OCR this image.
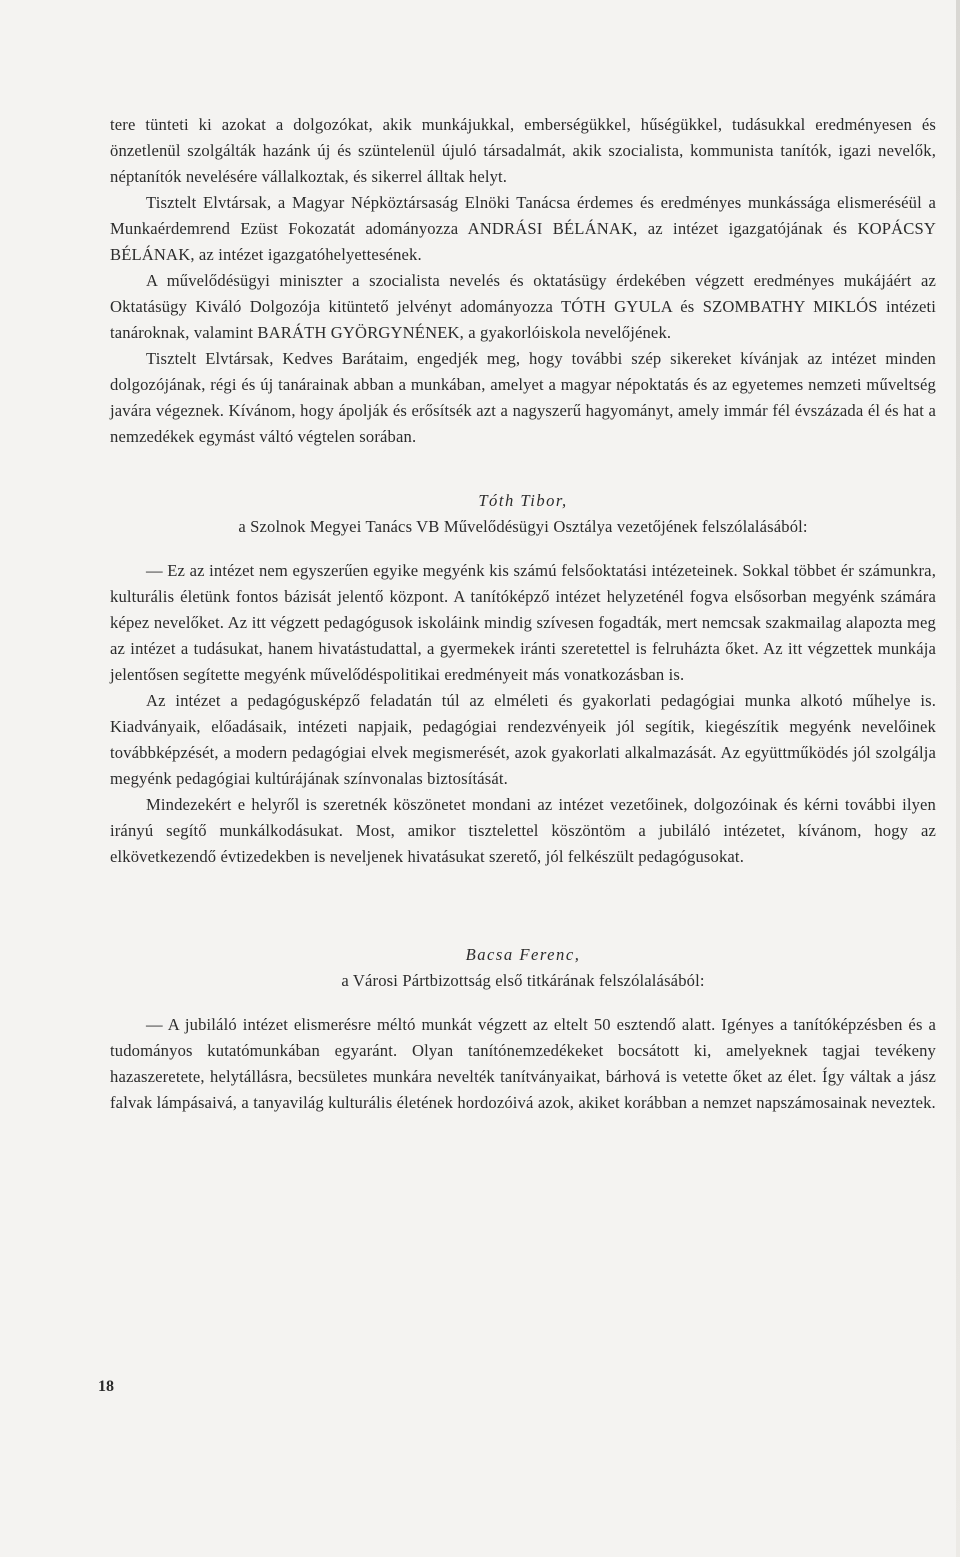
tere tünteti ki azokat a dolgozókat, akik munkájukkal, emberségükkel, hűségükkel, tudásukkal eredményesen és önzetlenül szolgálták hazánk új és szüntelenül újuló társadalmát, akik szocialista, kommunista tanítók, igazi nevelők, néptanítók nevelésére vállalkoztak, és sikerrel álltak helyt.

Tisztelt Elvtársak, a Magyar Népköztársaság Elnöki Tanácsa érdemes és eredményes munkássága elismeréséül a Munkaérdemrend Ezüst Fokozatát adományozza ANDRÁSI BÉLÁNAK, az intézet igazgatójának és KOPÁCSY BÉLÁNAK, az intézet igazgatóhelyettesének.

A művelődésügyi miniszter a szocialista nevelés és oktatásügy érdekében végzett eredményes mukájáért az Oktatásügy Kiváló Dolgozója kitüntető jelvényt adományozza TÓTH GYULA és SZOMBATHY MIKLÓS intézeti tanároknak, valamint BARÁTH GYÖRGYNÉNEK, a gyakorlóiskola nevelőjének.

Tisztelt Elvtársak, Kedves Barátaim, engedjék meg, hogy további szép sikereket kívánjak az intézet minden dolgozójának, régi és új tanárainak abban a munkában, amelyet a magyar népoktatás és az egyetemes nemzeti műveltség javára végeznek. Kívánom, hogy ápolják és erősítsék azt a nagyszerű hagyományt, amely immár fél évszázada él és hat a nemzedékek egymást váltó végtelen sorában.

Tóth Tibor,

a Szolnok Megyei Tanács VB Művelődésügyi Osztálya vezetőjének felszólalásából:

— Ez az intézet nem egyszerűen egyike megyénk kis számú felsőoktatási intézeteinek. Sokkal többet ér számunkra, kulturális életünk fontos bázisát jelentő központ. A tanítóképző intézet helyzeténél fogva elsősorban megyénk számára képez nevelőket. Az itt végzett pedagógusok iskoláink mindig szívesen fogadták, mert nemcsak szakmailag alapozta meg az intézet a tudásukat, hanem hivatástudattal, a gyermekek iránti szeretettel is felruházta őket. Az itt végzettek munkája jelentősen segítette megyénk művelődéspolitikai eredményeit más vonatkozásban is.

Az intézet a pedagógusképző feladatán túl az elméleti és gyakorlati pedagógiai munka alkotó műhelye is. Kiadványaik, előadásaik, intézeti napjaik, pedagógiai rendezvényeik jól segítik, kiegészítik megyénk nevelőinek továbbképzését, a modern pedagógiai elvek megismerését, azok gyakorlati alkalmazását. Az együttműködés jól szolgálja megyénk pedagógiai kultúrájának színvonalas biztosítását.

Mindezekért e helyről is szeretnék köszönetet mondani az intézet vezetőinek, dolgozóinak és kérni további ilyen irányú segítő munkálkodásukat. Most, amikor tisztelettel köszöntöm a jubiláló intézetet, kívánom, hogy az elkövetkezendő évtizedekben is neveljenek hivatásukat szerető, jól felkészült pedagógusokat.

Bacsa Ferenc,

a Városi Pártbizottság első titkárának felszólalásából:

— A jubiláló intézet elismerésre méltó munkát végzett az eltelt 50 esztendő alatt. Igényes a tanítóképzésben és a tudományos kutatómunkában egyaránt. Olyan tanítónemzedékeket bocsátott ki, amelyeknek tagjai tevékeny hazaszeretete, helytállásra, becsületes munkára nevelték tanítványaikat, bárhová is vetette őket az élet. Így váltak a jász falvak lámpásaivá, a tanyavilág kulturális életének hordozóivá azok, akiket korábban a nemzet napszámosainak neveztek.

18
